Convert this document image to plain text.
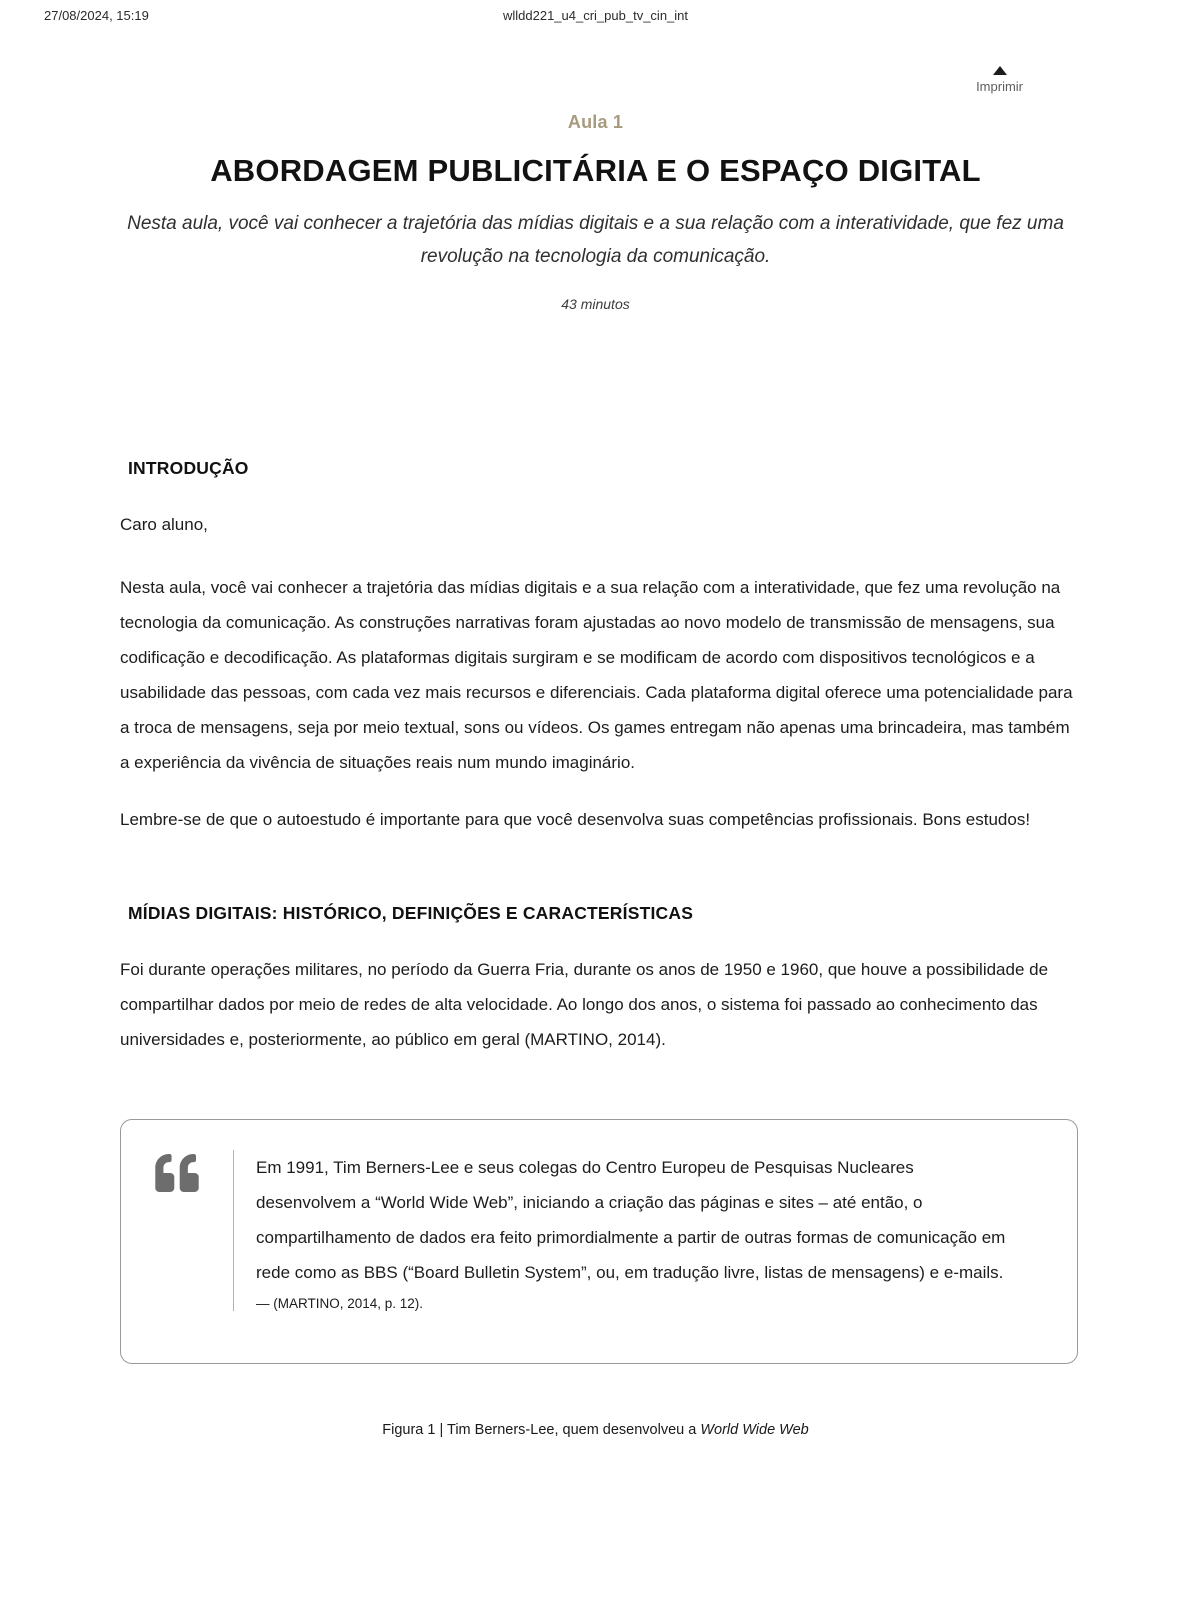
27/08/2024, 15:19	wlldd221_u4_cri_pub_tv_cin_int
Imprimir
Aula 1
ABORDAGEM PUBLICITÁRIA E O ESPAÇO DIGITAL
Nesta aula, você vai conhecer a trajetória das mídias digitais e a sua relação com a interatividade, que fez uma revolução na tecnologia da comunicação.
43 minutos
INTRODUÇÃO

Caro aluno,

Nesta aula, você vai conhecer a trajetória das mídias digitais e a sua relação com a interatividade, que fez uma revolução na tecnologia da comunicação. As construções narrativas foram ajustadas ao novo modelo de transmissão de mensagens, sua codificação e decodificação. As plataformas digitais surgiram e se modificam de acordo com dispositivos tecnológicos e a usabilidade das pessoas, com cada vez mais recursos e diferenciais. Cada plataforma digital oferece uma potencialidade para a troca de mensagens, seja por meio textual, sons ou vídeos. Os games entregam não apenas uma brincadeira, mas também a experiência da vivência de situações reais num mundo imaginário.

Lembre-se de que o autoestudo é importante para que você desenvolva suas competências profissionais. Bons estudos!

MÍDIAS DIGITAIS: HISTÓRICO, DEFINIÇÕES E CARACTERÍSTICAS

Foi durante operações militares, no período da Guerra Fria, durante os anos de 1950 e 1960, que houve a possibilidade de compartilhar dados por meio de redes de alta velocidade. Ao longo dos anos, o sistema foi passado ao conhecimento das universidades e, posteriormente, ao público em geral (MARTINO, 2014).

Em 1991, Tim Berners-Lee e seus colegas do Centro Europeu de Pesquisas Nucleares desenvolvem a “World Wide Web”, iniciando a criação das páginas e sites – até então, o compartilhamento de dados era feito primordialmente a partir de outras formas de comunicação em rede como as BBS (“Board Bulletin System”, ou, em tradução livre, listas de mensagens) e e-mails.
— (MARTINO, 2014, p. 12).
Figura 1 | Tim Berners-Lee, quem desenvolveu a World Wide Web
